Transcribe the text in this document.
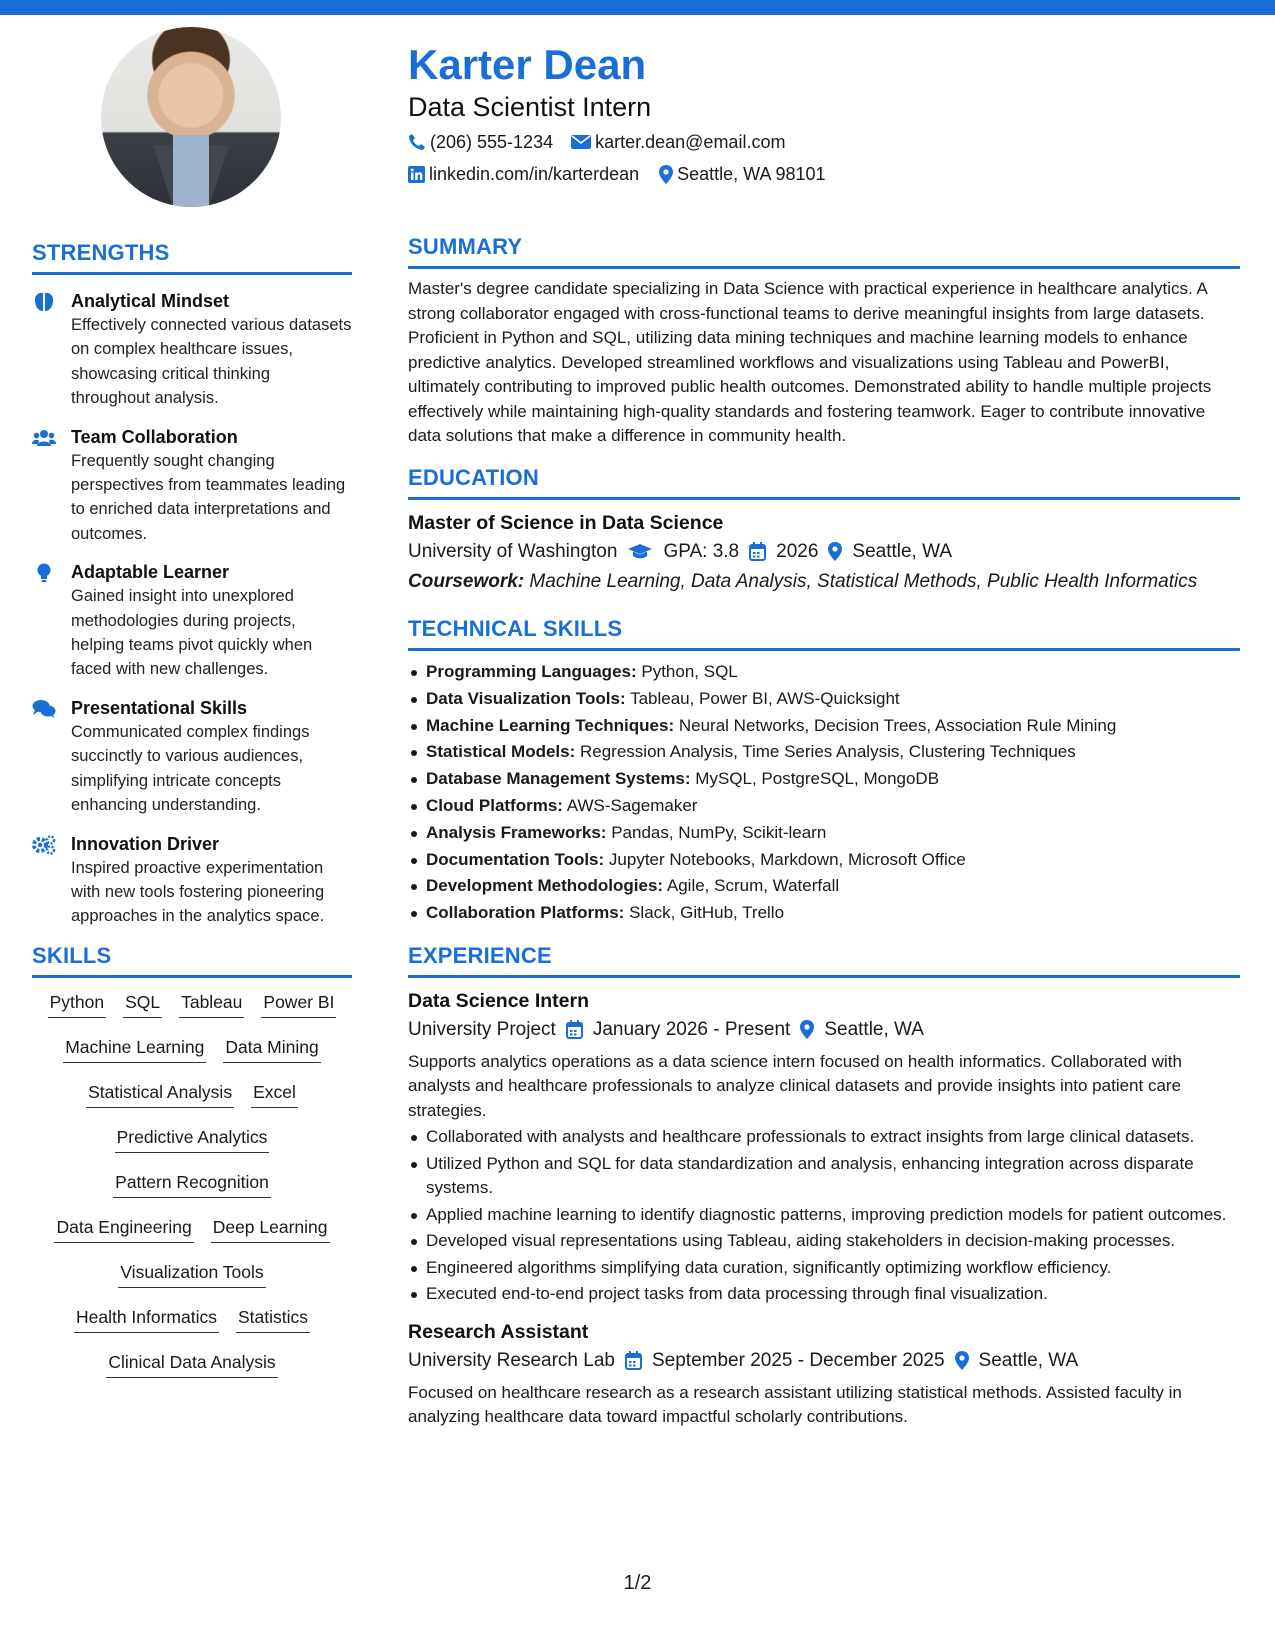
STRENGTHS
Analytical Mindset
Effectively connected various datasets on complex healthcare issues, showcasing critical thinking throughout analysis.
Team Collaboration
Frequently sought changing perspectives from teammates leading to enriched data interpretations and outcomes.
Adaptable Learner
Gained insight into unexplored methodologies during projects, helping teams pivot quickly when faced with new challenges.
Presentational Skills
Communicated complex findings succinctly to various audiences, simplifying intricate concepts enhancing understanding.
Innovation Driver
Inspired proactive experimentation with new tools fostering pioneering approaches in the analytics space.
SKILLS
Python SQL Tableau Power BI
Machine Learning Data Mining
Statistical Analysis Excel
Predictive Analytics
Pattern Recognition
Data Engineering Deep Learning
Visualization Tools
Health Informatics Statistics
Clinical Data Analysis
Karter Dean
Data Scientist Intern
(206) 555-1234 karter.dean@email.com
linkedin.com/in/karterdean Seattle, WA 98101
SUMMARY
Master's degree candidate specializing in Data Science with practical experience in healthcare analytics. A strong collaborator engaged with cross-functional teams to derive meaningful insights from large datasets. Proficient in Python and SQL, utilizing data mining techniques and machine learning models to enhance predictive analytics. Developed streamlined workflows and visualizations using Tableau and PowerBI, ultimately contributing to improved public health outcomes. Demonstrated ability to handle multiple projects effectively while maintaining high-quality standards and fostering teamwork. Eager to contribute innovative data solutions that make a difference in community health.
EDUCATION
Master of Science in Data Science
University of Washington GPA: 3.8 2026 Seattle, WA
Coursework: Machine Learning, Data Analysis, Statistical Methods, Public Health Informatics
TECHNICAL SKILLS
Programming Languages: Python, SQL
Data Visualization Tools: Tableau, Power BI, AWS-Quicksight
Machine Learning Techniques: Neural Networks, Decision Trees, Association Rule Mining
Statistical Models: Regression Analysis, Time Series Analysis, Clustering Techniques
Database Management Systems: MySQL, PostgreSQL, MongoDB
Cloud Platforms: AWS-Sagemaker
Analysis Frameworks: Pandas, NumPy, Scikit-learn
Documentation Tools: Jupyter Notebooks, Markdown, Microsoft Office
Development Methodologies: Agile, Scrum, Waterfall
Collaboration Platforms: Slack, GitHub, Trello
EXPERIENCE
Data Science Intern
University Project January 2026 - Present Seattle, WA
Supports analytics operations as a data science intern focused on health informatics. Collaborated with analysts and healthcare professionals to analyze clinical datasets and provide insights into patient care strategies.
Collaborated with analysts and healthcare professionals to extract insights from large clinical datasets.
Utilized Python and SQL for data standardization and analysis, enhancing integration across disparate systems.
Applied machine learning to identify diagnostic patterns, improving prediction models for patient outcomes.
Developed visual representations using Tableau, aiding stakeholders in decision-making processes.
Engineered algorithms simplifying data curation, significantly optimizing workflow efficiency.
Executed end-to-end project tasks from data processing through final visualization.
Research Assistant
University Research Lab September 2025 - December 2025 Seattle, WA
Focused on healthcare research as a research assistant utilizing statistical methods. Assisted faculty in analyzing healthcare data toward impactful scholarly contributions.
1/2
